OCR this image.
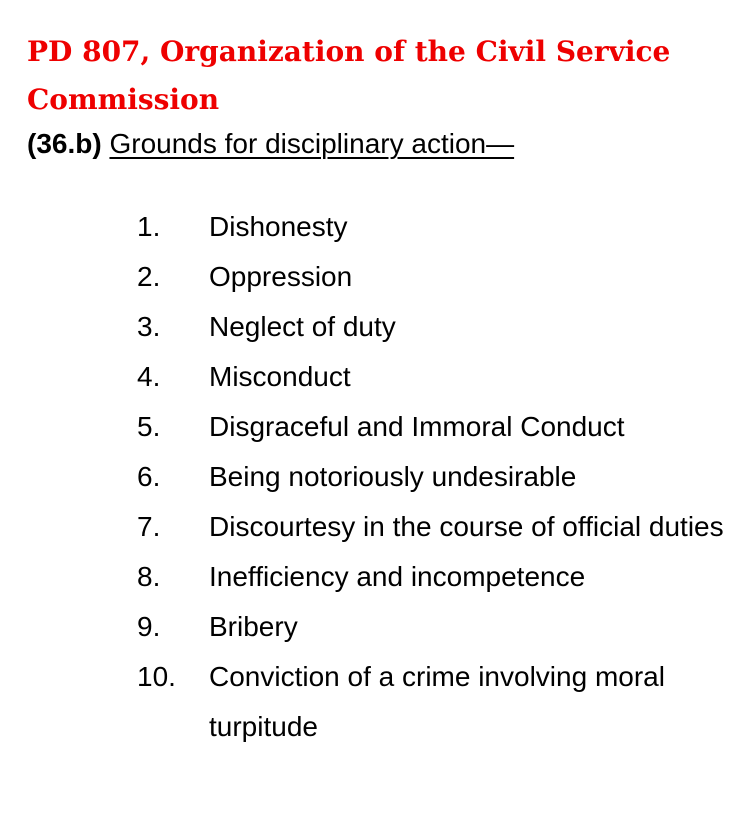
PD 807, Organization of the Civil Service Commission

(36.b) Grounds for disciplinary action—

1. Dishonesty
2. Oppression
3. Neglect of duty
4. Misconduct
5. Disgraceful and Immoral Conduct
6. Being notoriously undesirable
7. Discourtesy in the course of official duties
8. Inefficiency and incompetence
9. Bribery
10. Conviction of a crime involving moral turpitude
